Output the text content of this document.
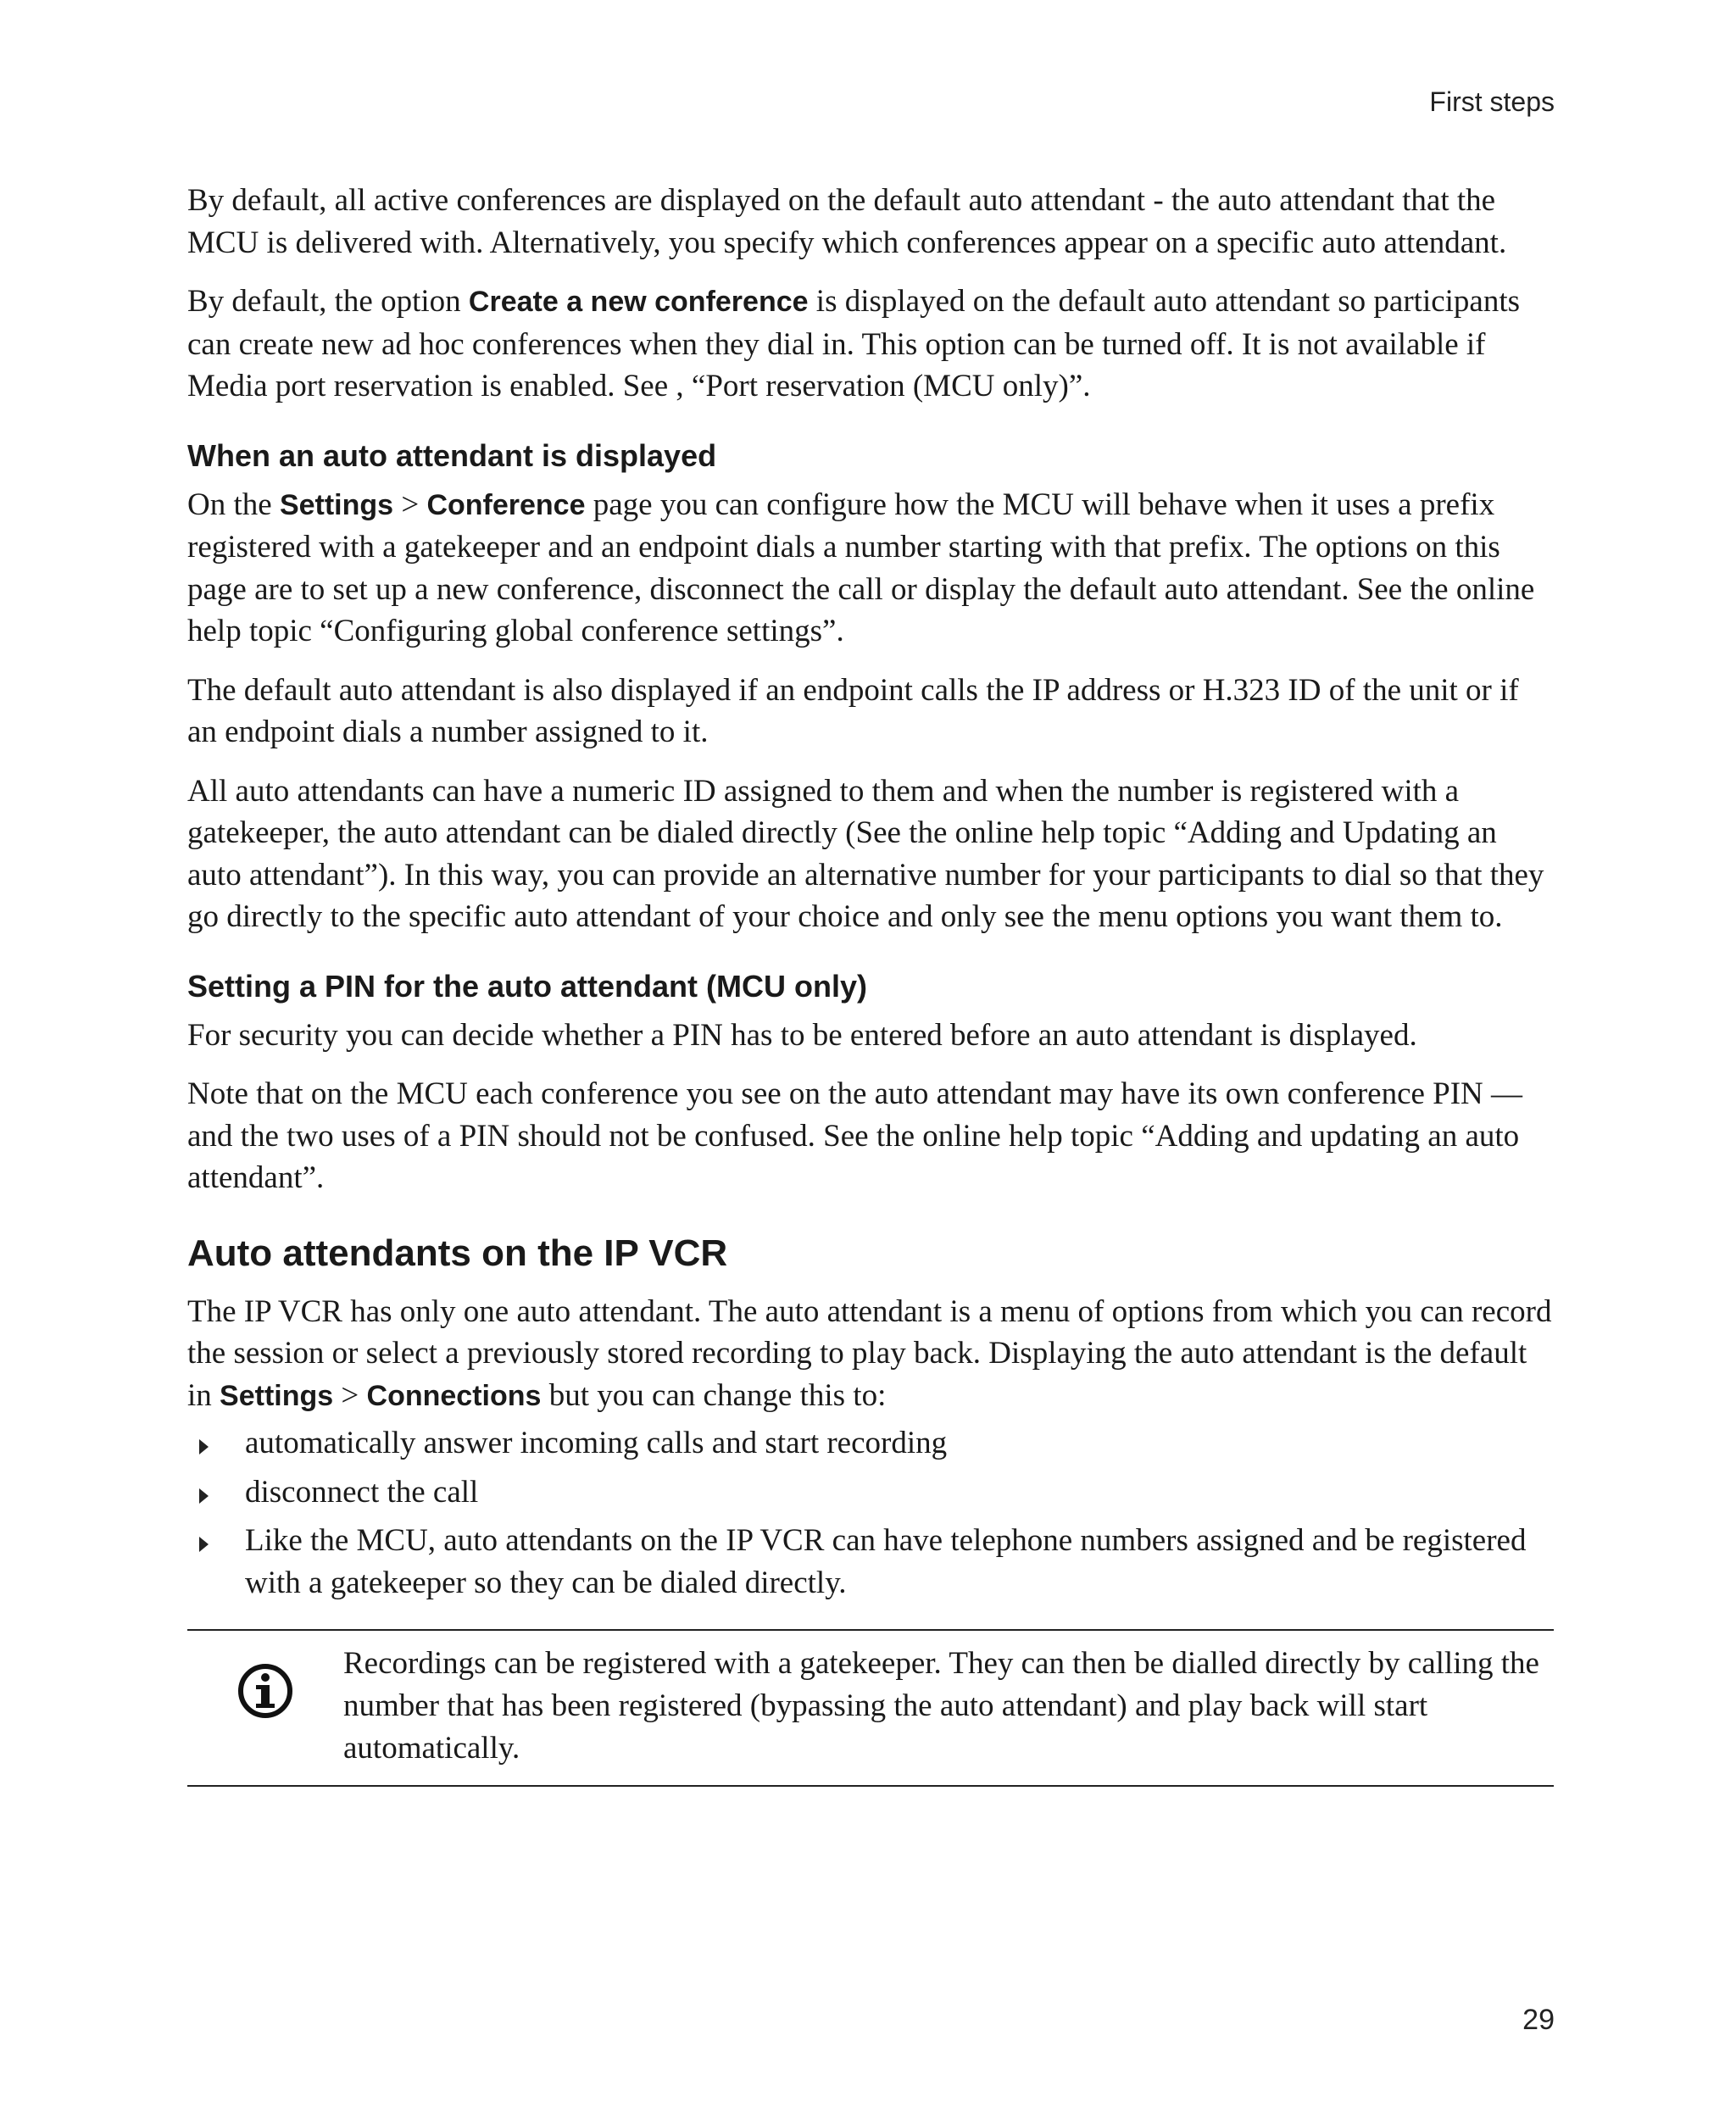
First steps

By default, all active conferences are displayed on the default auto attendant - the auto attendant that the MCU is delivered with. Alternatively, you specify which conferences appear on a specific auto attendant.

By default, the option Create a new conference is displayed on the default auto attendant so participants can create new ad hoc conferences when they dial in. This option can be turned off. It is not available if Media port reservation is enabled. See , “Port reservation (MCU only)”.

When an auto attendant is displayed

On the Settings > Conference page you can configure how the MCU will behave when it uses a prefix registered with a gatekeeper and an endpoint dials a number starting with that prefix. The options on this page are to set up a new conference, disconnect the call or display the default auto attendant. See the online help topic “Configuring global conference settings”.

The default auto attendant is also displayed if an endpoint calls the IP address or H.323 ID of the unit or if an endpoint dials a number assigned to it.

All auto attendants can have a numeric ID assigned to them and when the number is registered with a gatekeeper, the auto attendant can be dialed directly (See the online help topic “Adding and Updating an auto attendant”). In this way, you can provide an alternative number for your participants to dial so that they go directly to the specific auto attendant of your choice and only see the menu options you want them to.

Setting a PIN for the auto attendant (MCU only)

For security you can decide whether a PIN has to be entered before an auto attendant is displayed.

Note that on the MCU each conference you see on the auto attendant may have its own conference PIN — and the two uses of a PIN should not be confused. See the online help topic “Adding and updating an auto attendant”.

Auto attendants on the IP VCR

The IP VCR has only one auto attendant. The auto attendant is a menu of options from which you can record the session or select a previously stored recording to play back. Displaying the auto attendant is the default in Settings > Connections but you can change this to:

automatically answer incoming calls and start recording
disconnect the call
Like the MCU, auto attendants on the IP VCR can have telephone numbers assigned and be registered with a gatekeeper so they can be dialed directly.
Recordings can be registered with a gatekeeper. They can then be dialled directly by calling the number that has been registered (bypassing the auto attendant) and play back will start automatically.
29
